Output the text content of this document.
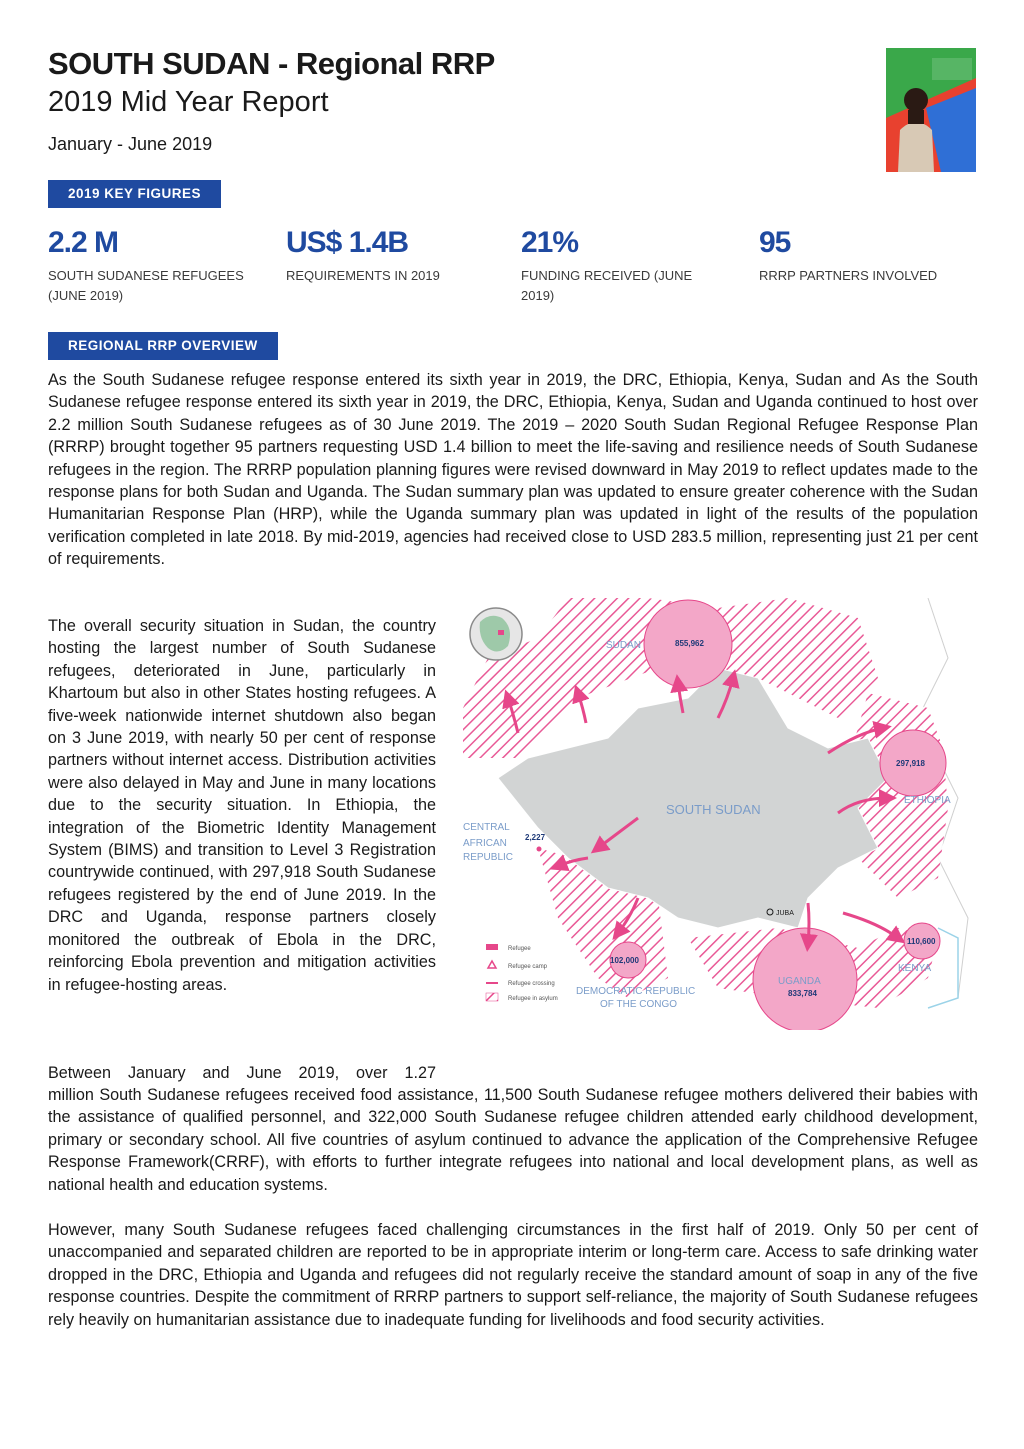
SOUTH SUDAN - Regional RRP
2019 Mid Year Report
January - June 2019
2019 KEY FIGURES
2.2 M
SOUTH SUDANESE REFUGEES (JUNE 2019)
US$ 1.4B
REQUIREMENTS IN 2019
21%
FUNDING RECEIVED (JUNE 2019)
95
RRRP PARTNERS INVOLVED
REGIONAL RRP OVERVIEW

As the South Sudanese refugee response entered its sixth year in 2019, the DRC, Ethiopia, Kenya, Sudan and As the South Sudanese refugee response entered its sixth year in 2019, the DRC, Ethiopia, Kenya, Sudan and Uganda continued to host over 2.2 million South Sudanese refugees as of 30 June 2019. The 2019 – 2020 South Sudan Regional Refugee Response Plan (RRRP) brought together 95 partners requesting USD 1.4 billion to meet the life-saving and resilience needs of South Sudanese refugees in the region. The RRRP population planning figures were revised downward in May 2019 to reflect updates made to the response plans for both Sudan and Uganda. The Sudan summary plan was updated to ensure greater coherence with the Sudan Humanitarian Response Plan (HRP), while the Uganda summary plan was updated in light of the results of the population verification completed in late 2018. By mid-2019, agencies had received close to USD 283.5 million, representing just 21 per cent of requirements.

The overall security situation in Sudan, the country hosting the largest number of South Sudanese refugees, deteriorated in June, particularly in Khartoum but also in other States hosting refugees. A five-week nationwide internet shutdown also began on 3 June 2019, with nearly 50 per cent of response partners without internet access. Distribution activities were also delayed in May and June in many locations due to the security situation. In Ethiopia, the integration of the Biometric Identity Management System (BIMS) and transition to Level 3 Registration countrywide continued, with 297,918 South Sudanese refugees registered by the end of June 2019. In the DRC and Uganda, response partners closely monitored the outbreak of Ebola in the DRC, reinforcing Ebola prevention and mitigation activities in refugee-hosting areas.

Between January and June 2019, over 1.27

million South Sudanese refugees received food assistance, 11,500 South Sudanese refugee mothers delivered their babies with the assistance of qualified personnel, and 322,000 South Sudanese refugee children attended early childhood development, primary or secondary school. All five countries of asylum continued to advance the application of the Comprehensive Refugee Response Framework(CRRF), with efforts to further integrate refugees into national and local development plans, as well as national health and education systems.

However, many South Sudanese refugees faced challenging circumstances in the first half of 2019. Only 50 per cent of unaccompanied and separated children are reported to be in appropriate interim or long-term care. Access to safe drinking water dropped in the DRC, Ethiopia and Uganda and refugees did not regularly receive the standard amount of soap in any of the five response countries. Despite the commitment of RRRP partners to support self-reliance, the majority of South Sudanese refugees rely heavily on humanitarian assistance due to inadequate funding for livelihoods and food security activities.

SUDAN	855,962
SOUTH SUDAN
CENTRAL
AFRICAN
REPUBLIC
2,227
297,918
ETHIOPIA
110,600
KENYA
102,000
DEMOCRATIC REPUBLIC
OF THE CONGO
UGANDA
833,784
JUBA
Refugee
Refugee camp
Refugee crossing
Refugee in asylum
